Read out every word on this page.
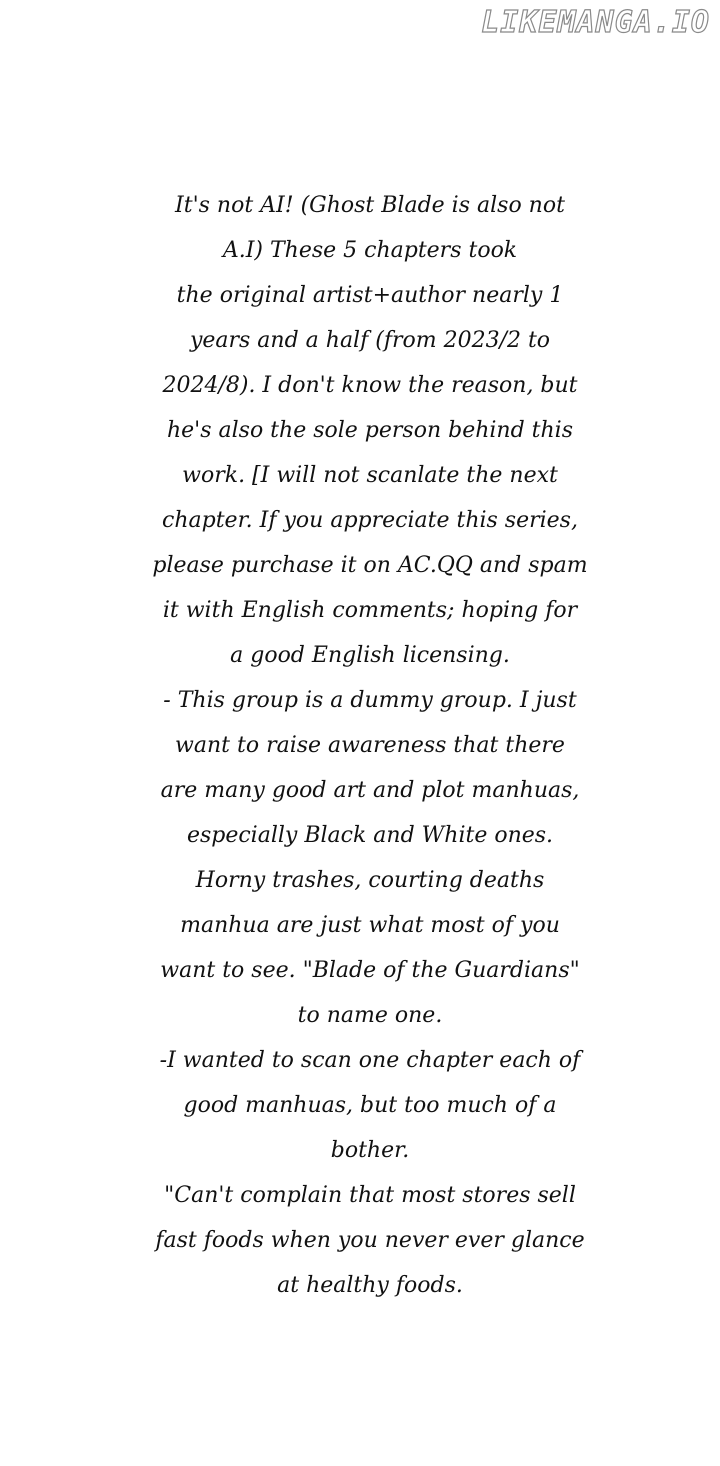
LIKEMANGA.IO
It's not AI! (Ghost Blade is also not
A.I) These 5 chapters took
the original artist+author nearly 1
years and a half (from 2023/2 to
2024/8). I don't know the reason, but
he's also the sole person behind this
work. [I will not scanlate the next
chapter. If you appreciate this series,
please purchase it on AC.QQ and spam
it with English comments; hoping for
a good English licensing.
- This group is a dummy group. I just
want to raise awareness that there
are many good art and plot manhuas,
especially Black and White ones.
Horny trashes, courting deaths
manhua are just what most of you
want to see. "Blade of the Guardians"
to name one.
-I wanted to scan one chapter each of
good manhuas, but too much of a
bother.
"Can't complain that most stores sell
fast foods when you never ever glance
at healthy foods.
